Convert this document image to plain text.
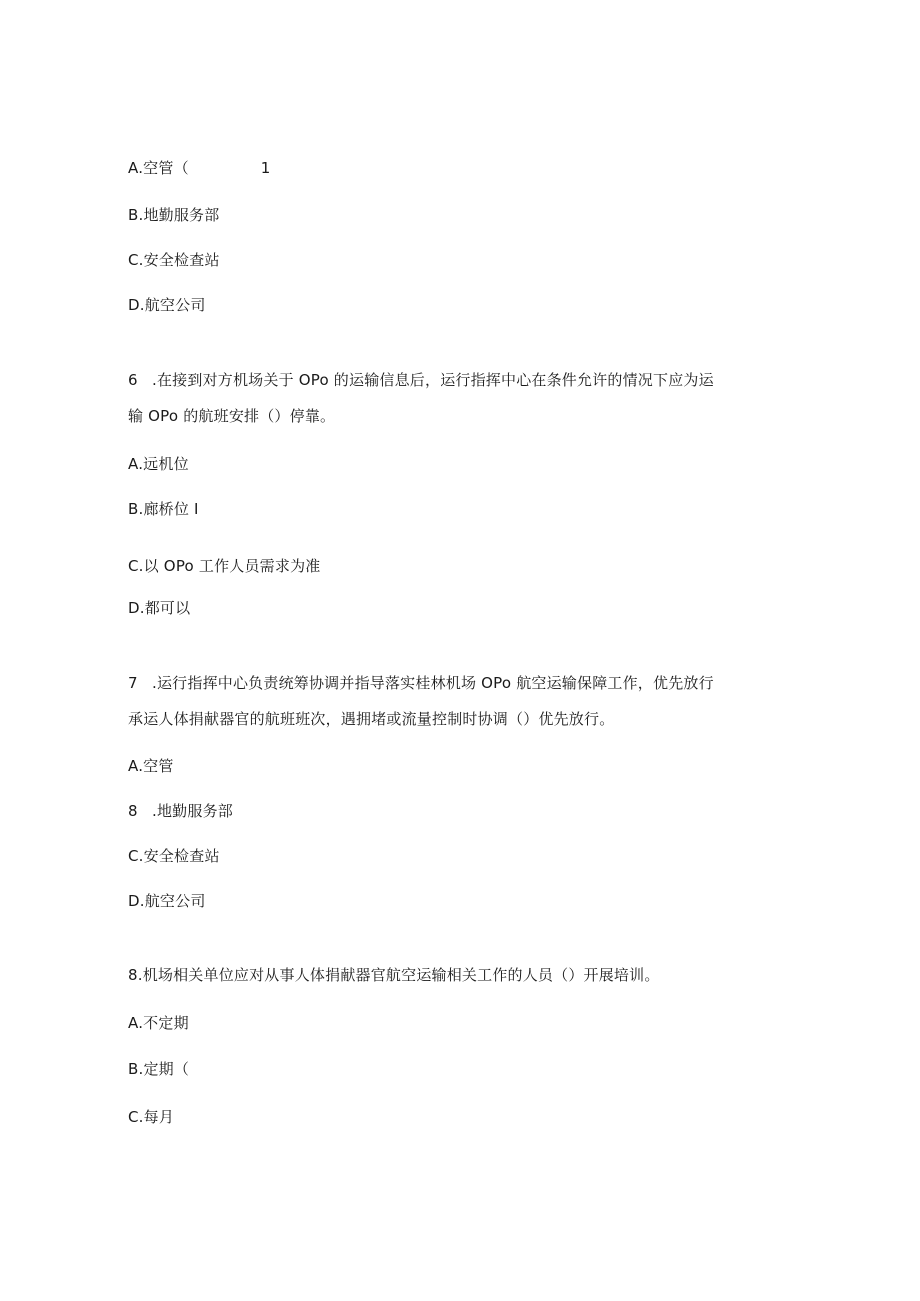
A.空管（	1
B.地勤服务部
C.安全检查站
D.航空公司
6 .在接到对方机场关于 OPo 的运输信息后，运行指挥中心在条件允许的情况下应为运
输 OPo 的航班安排（）停靠。
A.远机位
B.廊桥位 I
C.以 OPo 工作人员需求为准
D.都可以
7 .运行指挥中心负责统筹协调并指导落实桂林机场 OPo 航空运输保障工作，优先放行
承运人体捐献器官的航班班次，遇拥堵或流量控制时协调（）优先放行。
A.空管
8 .地勤服务部
C.安全检查站
D.航空公司
8.机场相关单位应对从事人体捐献器官航空运输相关工作的人员（）开展培训。
A.不定期
B.定期（
C.每月
